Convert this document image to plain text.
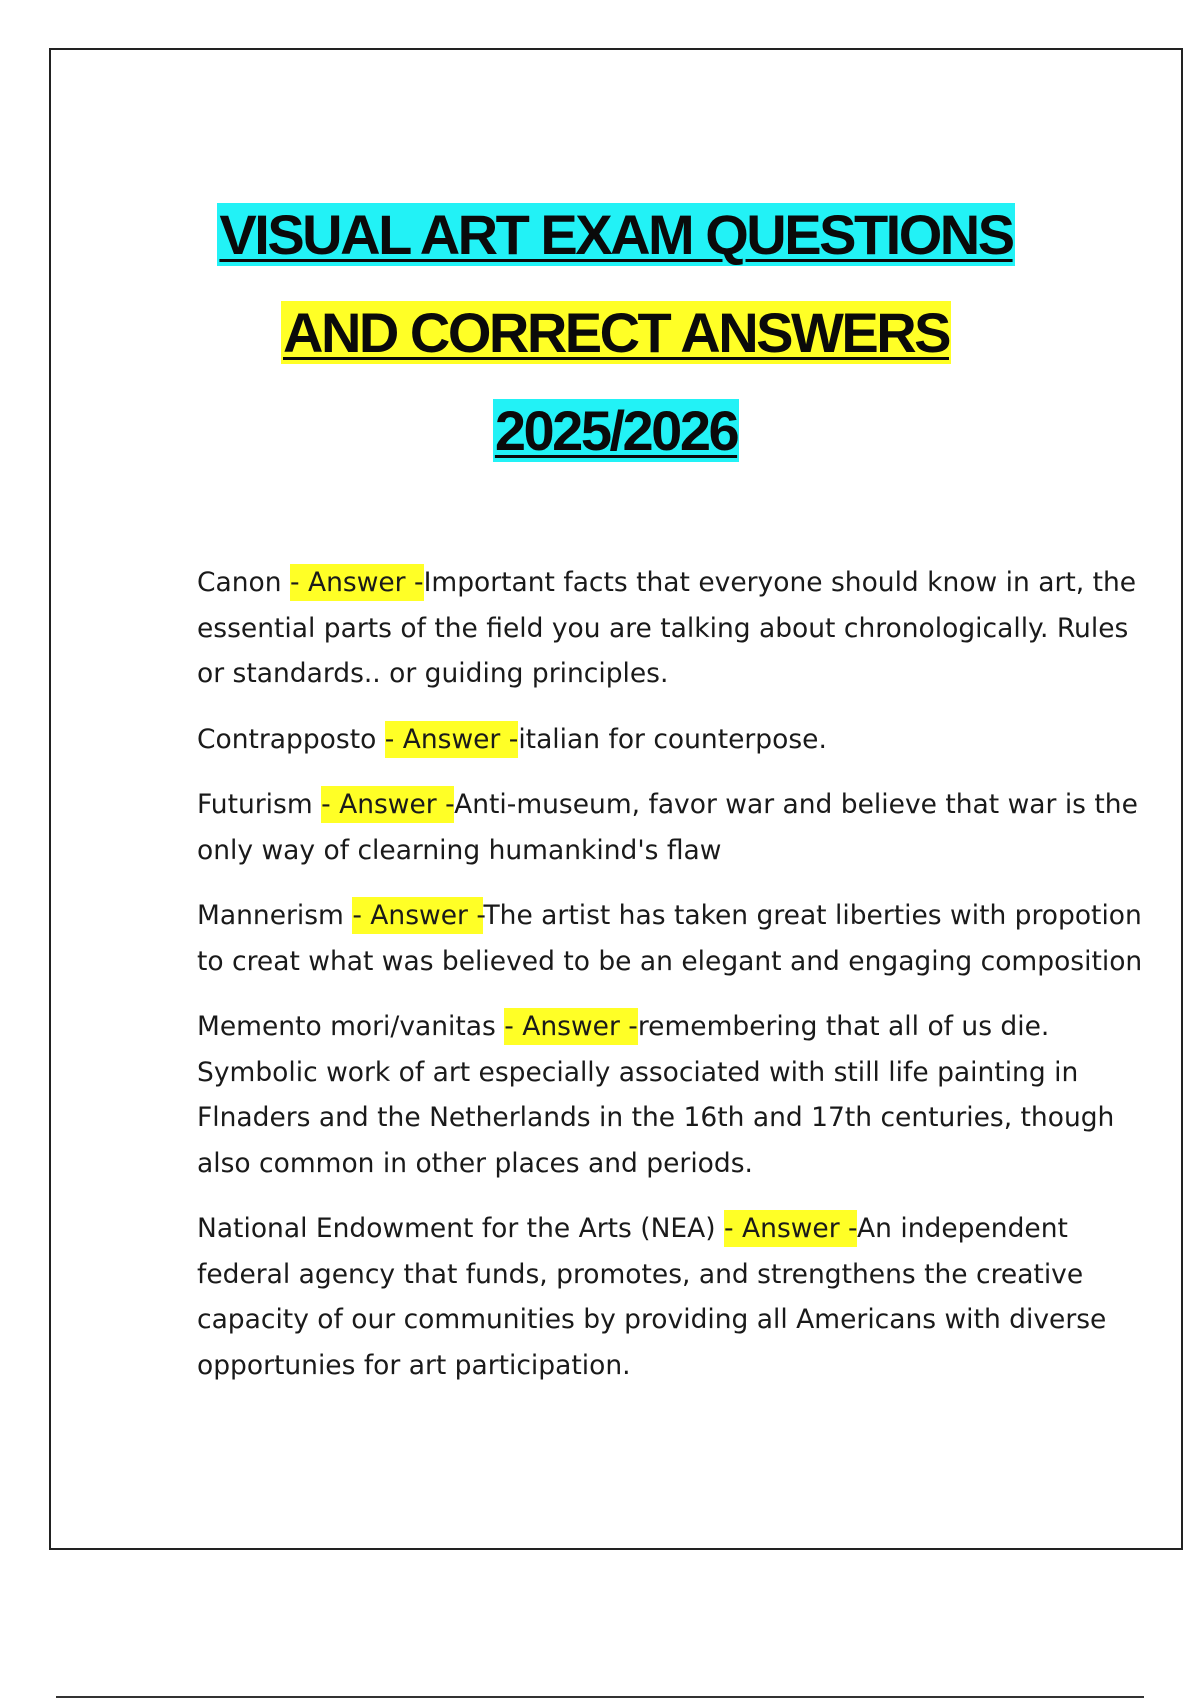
VISUAL ART EXAM QUESTIONS
AND CORRECT ANSWERS
2025/2026

Canon - Answer -Important facts that everyone should know in art, the essential parts of the field you are talking about chronologically. Rules or standards.. or guiding principles.

Contrapposto - Answer -italian for counterpose.

Futurism - Answer -Anti-museum, favor war and believe that war is the only way of clearning humankind's flaw

Mannerism - Answer -The artist has taken great liberties with propotion to creat what was believed to be an elegant and engaging composition

Memento mori/vanitas - Answer -remembering that all of us die. Symbolic work of art especially associated with still life painting in Flnaders and the Netherlands in the 16th and 17th centuries, though also common in other places and periods.

National Endowment for the Arts (NEA) - Answer -An independent federal agency that funds, promotes, and strengthens the creative capacity of our communities by providing all Americans with diverse opportunies for art participation.
